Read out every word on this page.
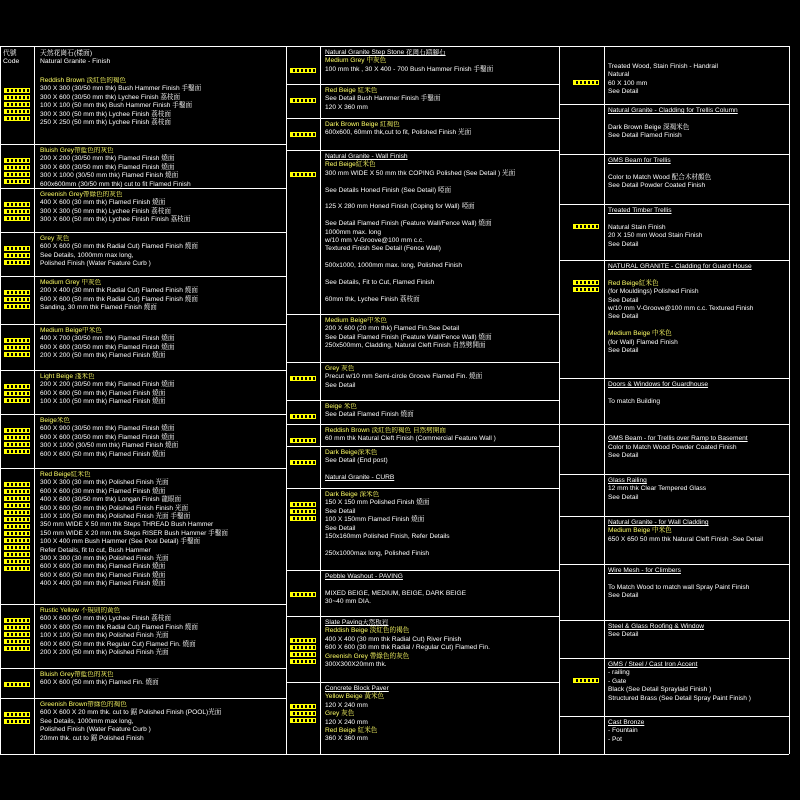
代號
Code
天然花崗石(樣面)
Natural Granite - Finish
Reddish Brown 淡紅色的褐色
300 X 300 (30/50 mm thk) Bush Hammer Finish 手鑿面
300 X 600 (30/50 mm thk) Lychee Finish 荔枝面
100 X 100 (50 mm thk) Bush Hammer Finish 手鑿面
300 X 300 (50 mm thk) Lychee Finish 荔枝面
250 X 250 (50 mm thk) Lychee Finish 荔枝面
Bluish Grey帶藍色的灰色
200 X 200 (30/50 mm thk) Flamed Finish 燒面
300 X 600 (30/50 mm thk) Flamed Finish 燒面
300 X 1000 (30/50 mm thk) Flamed Finish 燒面
600x600mm (30/50 mm thk) cut to fit Flamed Finish
Greenish Grey帶綠色的灰色
400 X 600 (30 mm thk) Flamed Finish 燒面
300 X 300 (50 mm thk) Lychee Finish 荔枝面
300 X 600 (50 mm thk) Lychee Finish Finish 荔枝面
Grey 灰色
600 X 600 (50 mm thk Radial Cut) Flamed Finish 燒面
See Details, 1000mm max long,
Polished Finish (Water Feature Curb )
Medium Grey 中灰色
200 X 400 (30 mm thk Radial Cut) Flamed Finish 燒面
600 X 600 (50 mm thk Radial Cut) Flamed Finish 燒面
Sanding, 30 mm thk Flamed Finish 燒面
Medium Beige中米色
400 X 700 (30/50 mm thk) Flamed Finish 燒面
600 X 600 (30/50 mm thk) Flamed Finish 燒面
200 X 200 (50 mm thk) Flamed Finish 燒面
Light Beige 淺米色
200 X 200 (30/50 mm thk) Flamed Finish 燒面
600 X 600 (50 mm thk) Flamed Finish 燒面
100 X 100 (50 mm thk) Flamed Finish 燒面
Beige米色
600 X 900 (30/50 mm thk) Flamed Finish 燒面
600 X 600 (30/50 mm thk) Flamed Finish 燒面
300 X 1000 (30/50 mm thk) Flamed Finish 燒面
600 X 600 (50 mm thk) Flamed Finish 燒面
Red Beige紅米色
300 X 300 (30 mm thk) Polished Finish 光面
600 X 600 (30 mm thk) Flamed Finish 燒面
400 X 600 (30/50 mm thk) Longan Finish 龍眼面
600 X 600 (50 mm thk) Polished Finish Finish 光面
100 X 100 (50 mm thk) Polished Finish 光面 手鑿面
350 mm WIDE X 50 mm thk Steps THREAD Bush Hammer
150 mm WIDE X 20 mm thk Steps RISER Bush Hammer 手鑿面
100 X 400 mm Bush Hammer (See Pool Detail) 手鑿面
Refer Details, fit to cut, Bush Hammer
300 X 300 (30 mm thk) Polished Finish 光面
600 X 600 (30 mm thk) Flamed Finish 燒面
600 X 600 (50 mm thk) Flamed Finish 燒面
400 X 400 (30 mm thk) Flamed Finish 燒面
Rustic Yellow 不規則的黃色
600 X 600 (50 mm thk) Lychee Finish 荔枝面
600 X 600 (50 mm thk Radial Cut) Flamed Finish 燒面
100 X 100 (50 mm thk) Polished Finish 光面
600 X 600 (50 mm thk Regular Cut) Flamed Fin. 燒面
200 X 200 (50 mm thk) Polished Finish 光面
Bluish Grey帶藍色的灰色
600 X 600 (50 mm thk) Flamed Fin. 燒面
Greenish Brown帶綠色的褐色
600 X 600 X 20 mm thk. cut to 鋸 Polished Finish (POOL)光面
See Details, 1000mm max long,
Polished Finish (Water Feature Curb )
20mm thk. cut to 鋸 Polished Finish
Natural Granite Step Stone 花崗石踏腳石
Medium Grey 中灰色
100 mm thk , 30 X 400 - 700 Bush Hammer Finish 手鑿面
Red Beige 紅米色
See Detail Bush Hammer Finish 手鑿面
120 X 360 mm
Dark Brown Beige 紅褐色
600x600, 60mm thk,cut to fit, Polished Finish 光面
Natural Granite - Wall Finish
Red Beige紅米色
300 mm WIDE X 50 mm thk COPING Polished (See Detail ) 光面
See Details Honed Finish (See Detail) 啞面
125 X 280 mm Honed Finish (Coping for Wall) 啞面
See Detail Flamed Finish (Feature Wall/Fence Wall) 燒面
1000mm max. long
w/10 mm V-Groove@100 mm c.c.
Textured Finish See Detail (Fence Wall)
500x1000, 1000mm max. long, Polished Finish
See Details, Fit to Cut, Flamed Finish
60mm thk, Lychee Finish 荔枝面
Medium Beige中米色
200 X 600 (20 mm thk) Flamed Fin.See Detail
See Detail Flamed Finish (Feature Wall/Fence Wall) 燒面
250x500mm, Cladding, Natural Cleft Finish 自然劈開面
Grey 灰色
Precut w/10 mm Semi-circle Groove Flamed Fin. 燒面
See Detail
Beige 米色
See Detail Flamed Finish 燒面
Reddish Brown 淡紅色的褐色 自然劈開面
60 mm thk Natural Cleft Finish (Commercial Feature Wall )
Dark Beige深米色
See Detail (End post)
Natural Granite - CURB
Dark Beige 深米色
150 X 150 mm Polished Finish 燒面
See Detail
100 X 150mm Flamed Finish 燒面
See Detail
150x160mm Polished Finish, Refer Details
250x1000max long, Polished Finish
Pebble Washout - PAVING
MIXED BEIGE, MEDIUM, BEIGE, DARK BEIGE
30~40 mm DIA.
Slate Paving天然板岩
Reddish Beige 淡紅色的褐色
400 X 400 (30 mm thk Radial Cut) River Finish
600 X 600 (30 mm thk Radial / Regular Cut) Flamed Fin.
Greenish Grey 帶綠色的灰色
300X300X20mm thk.
Concrete Block Paver
Yellow Beige 黃米色
120 X 240 mm
Grey 灰色
120 X 240 mm
Red Beige 紅米色
360 X 360 mm
Treated Wood, Stain Finish - Handrail
Natural
60 X 100 mm
See Detail
Natural Granite - Cladding for Trellis Column
Dark Brown Beige 深褐米色
See Detail Flamed Finish
GMS Beam for Trellis
Color to Match Wood 配合木材顏色
See Detail Powder Coated Finish
Treated Timber Trellis
Natural Stain Finish
20 X 150 mm Wood Stain Finish
See Detail
NATURAL GRANITE - Cladding for Guard House
Red Beige紅米色
(for Mouldings) Polished Finish
See Detail
w/10 mm V-Groove@100 mm c.c. Textured Finish
See Detail
Medium Beige 中米色
(for Wall) Flamed Finish
See Detail
Doors & Windows for Guardhouse
To match Building
GMS Beam - for Trellis over Ramp to Basement
Color to Match Wood Powder Coated Finish
See Detail
Glass Railing
12 mm thk Clear Tempered Glass
See Detail
Natural Granite - for Wall Cladding
Medium Beige 中米色
650 X 650 50 mm thk Natural Cleft Finish -See Detail
Wire Mesh - for Climbers
To Match Wood to match wall Spray Paint Finish
See Detail
Steel & Glass Roofing & Window
See Detail
GMS / Steel / Cast Iron Accent
- railing
- Gate
Black (See Detail Spraylaid Finish )
Structured Brass (See Detail Spray Paint Finish )
Cast Bronze
- Fountain
- Pot
